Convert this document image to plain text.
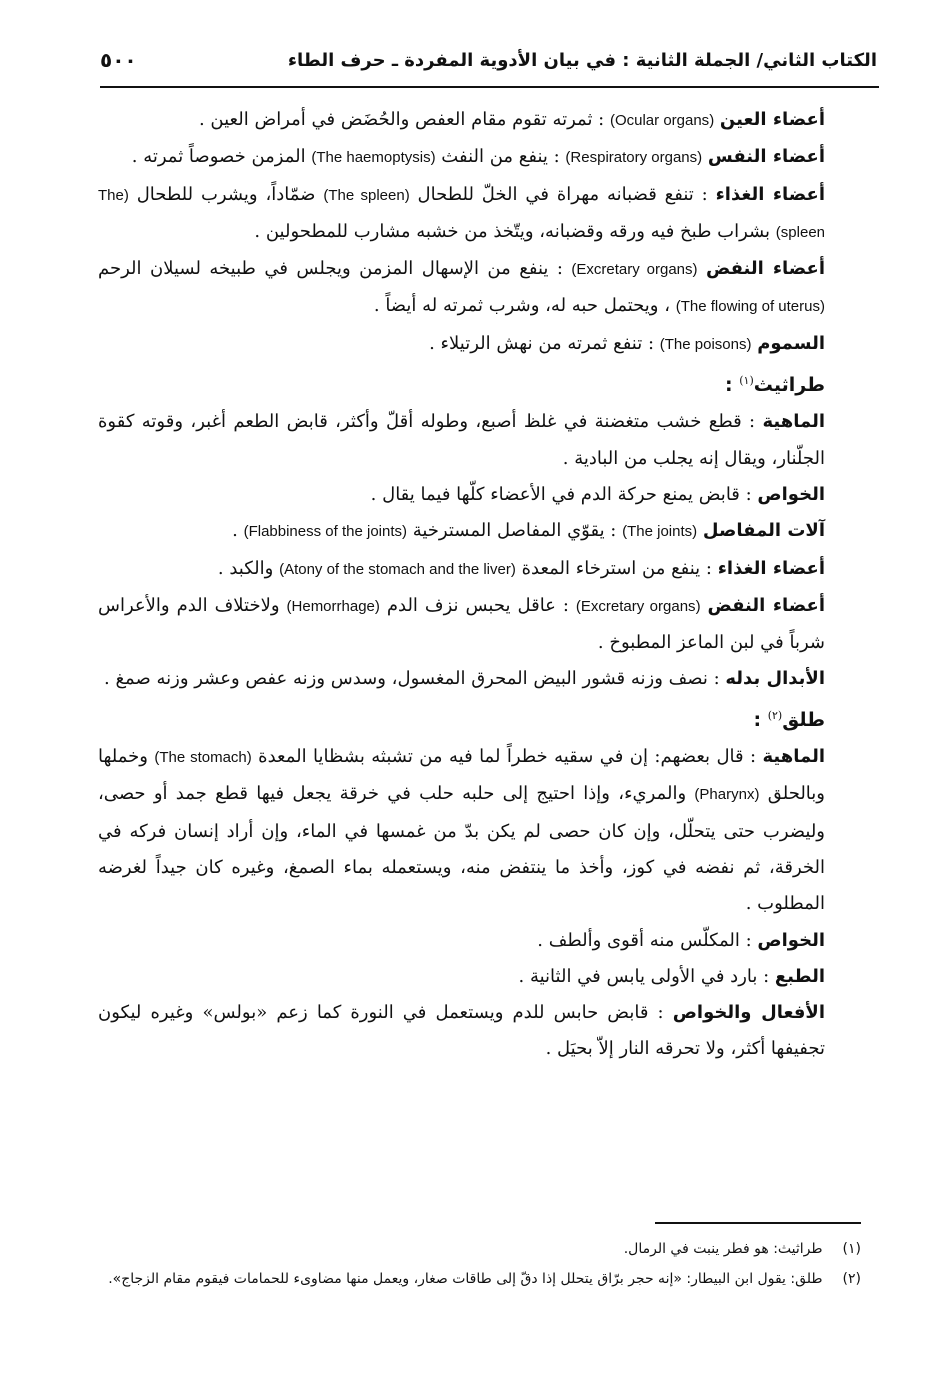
٥٠٠	الكتاب الثاني/ الجملة الثانية : في بيان الأدوية المفردة ـ حرف الطاء

أعضاء العين (Ocular organs) : ثمرته تقوم مقام العفص والحُضَض في أمراض العين .

أعضاء النفس (Respiratory organs) : ينفع من النفث (The haemoptysis) المزمن خصوصاً ثمرته .

أعضاء الغذاء : تنفع قضبانه مهراة في الخلّ للطحال (The spleen) ضمّاداً، ويشرب للطحال (The spleen) بشراب طبخ فيه ورقه وقضبانه، ويتّخذ من خشبه مشارب للمطحولين .

أعضاء النفض (Excretary organs) : ينفع من الإسهال المزمن ويجلس في طبيخه لسيلان الرحم (The flowing of uterus) ، ويحتمل حبه له، وشرب ثمرته له أيضاً .

السموم (The poisons) : تنفع ثمرته من نهش الرتيلاء .

طراثيث$^{(١)}$ :

الماهية : قطع خشب متغضنة في غلظ أصبع، وطوله أقلّ وأكثر، قابض الطعم أغبر، وقوته كقوة الجلّنار، ويقال إنه يجلب من البادية .

الخواص : قابض يمنع حركة الدم في الأعضاء كلّها فيما يقال .

آلات المفاصل (The joints) : يقوّي المفاصل المسترخية (Flabbiness of the joints) .

أعضاء الغذاء : ينفع من استرخاء المعدة (Atony of the stomach and the liver) والكبد .

أعضاء النفض (Excretary organs) : عاقل يحبس نزف الدم (Hemorrhage) ولاختلاف الدم والأعراس شرباً في لبن الماعز المطبوخ .

الأبدال بدله : نصف وزنه قشور البيض المحرق المغسول، وسدس وزنه عفص وعشر وزنه صمغ .

طلق$^{(٢)}$ :

الماهية : قال بعضهم: إن في سقيه خطراً لما فيه من تشبثه بشظايا المعدة (The stomach) وخملها وبالحلق (Pharynx) والمريء، وإذا احتيج إلى حلبه حلب في خرقة يجعل فيها قطع جمد أو حصى، وليضرب حتى يتحلّل، وإن كان حصى لم يكن بدّ من غمسها في الماء، وإن أراد إنسان فركه في الخرقة، ثم نفضه في كوز، وأخذ ما ينتفض منه، ويستعمله بماء الصمغ، وغيره كان جيداً لغرضه المطلوب .

الخواص : المكلّس منه أقوى وألطف .

الطبع : بارد في الأولى يابس في الثانية .

الأفعال والخواص : قابض حابس للدم ويستعمل في النورة كما زعم «بولس» وغيره ليكون تجفيفها أكثر، ولا تحرقه النار إلاّ بحيَل .

(١) طراثيث: هو فطر ينبت في الرمال.

(٢) طلق: يقول ابن البيطار: «إنه حجر برّاق يتحلل إذا دقّ إلى طاقات صغار، ويعمل منها مضاوىء للحمامات فيقوم مقام الزجاج».
